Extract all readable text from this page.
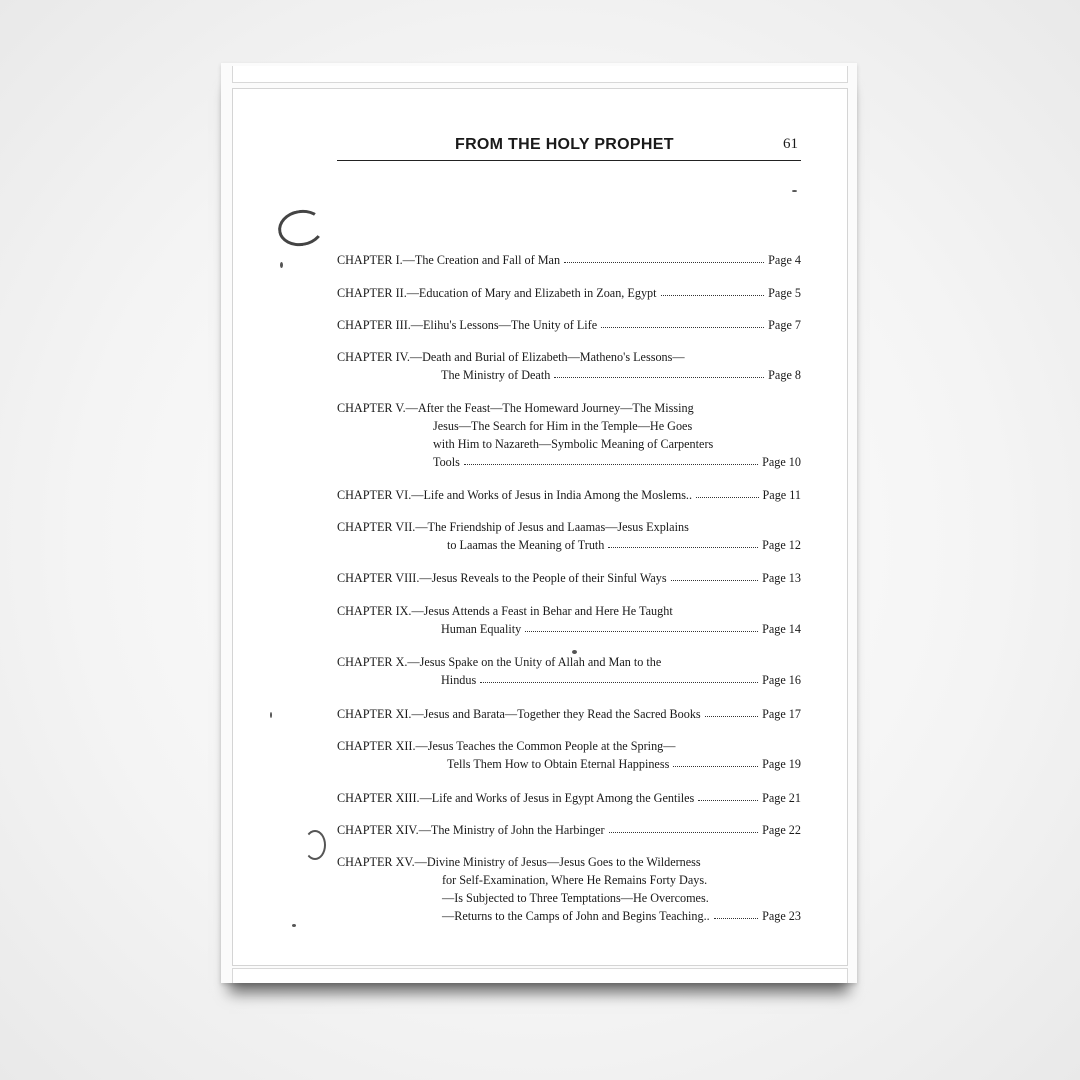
FROM THE HOLY PROPHET	61
CHAPTER I.—The Creation and Fall of Man	Page 4
CHAPTER II.—Education of Mary and Elizabeth in Zoan, Egypt	Page 5
CHAPTER III.—Elihu's Lessons—The Unity of Life	Page 7
CHAPTER IV.—Death and Burial of Elizabeth—Matheno's Lessons—
The Ministry of Death	Page 8
CHAPTER V.—After the Feast—The Homeward Journey—The Missing
Jesus—The Search for Him in the Temple—He Goes
with Him to Nazareth—Symbolic Meaning of Carpenters
Tools	Page 10
CHAPTER VI.—Life and Works of Jesus in India Among the Moslems..	Page 11
CHAPTER VII.—The Friendship of Jesus and Laamas—Jesus Explains
to Laamas the Meaning of Truth	Page 12
CHAPTER VIII.—Jesus Reveals to the People of their Sinful Ways	Page 13
CHAPTER IX.—Jesus Attends a Feast in Behar and Here He Taught
Human Equality	Page 14
CHAPTER X.—Jesus Spake on the Unity of Allah and Man to the
Hindus	Page 16
CHAPTER XI.—Jesus and Barata—Together they Read the Sacred Books	Page 17
CHAPTER XII.—Jesus Teaches the Common People at the Spring—
Tells Them How to Obtain Eternal Happiness	Page 19
CHAPTER XIII.—Life and Works of Jesus in Egypt Among the Gentiles	Page 21
CHAPTER XIV.—The Ministry of John the Harbinger	Page 22
CHAPTER XV.—Divine Ministry of Jesus—Jesus Goes to the Wilderness
for Self-Examination, Where He Remains Forty Days.
—Is Subjected to Three Temptations—He Overcomes.
—Returns to the Camps of John and Begins Teaching..	Page 23
